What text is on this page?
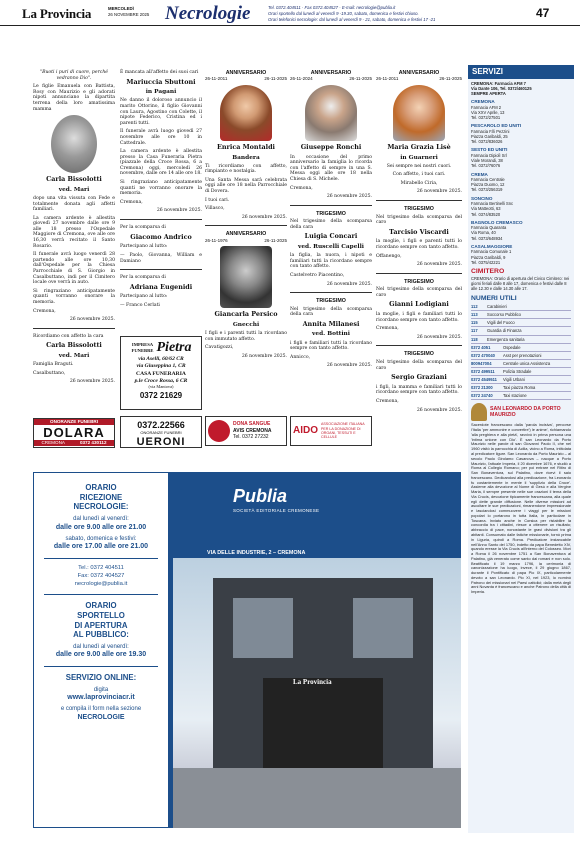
La Provincia	MERCOLEDÌ
26 NOVEMBRE 2025 Necrologie	Tel. 0372.404511 · Fax 0372.404527 · E-mail: necrologie@publia.it
Orari sportello dal lunedì al venerdì 9 -19.30, sabato, domenica e festivi chiuso.
Orari telefonici necrologie: dal lunedì al venerdì 9 - 21, sabato, domenica e festivi 17 -21	47

"Buoti i puri di cuore, perché vedranno Dio".

Le figlie Emanuela con Battista, Rosy con Maurizio e gli adorati nipoti annunciano la dipartita terrena della loro amatissima mamma

Carla Bissolotti
ved. Mari

dopo una vita vissuta con Fede e totalmente donata agli affetti familiari.

La camera ardente è allestita giovedì 27 novembre dalle ore 9 alle 18 presso l'Ospedale Maggiore di Cremona, ove alle ore 16,30 verrà recitato il Santo Rosario.

Il funerale avrà luogo venerdì 28 partendo alle ore 10,30 dall'Ospedale per la Chiesa Parrocchiale di S. Giorgio in Casalbuttano, indi per il Cimitero locale ove verrà in auto.

Si ringraziano anticipatamente quanti vorranno onorare la memoria.

Cremona,

26 novembre 2025.

Ricordiamo con affetto la cara

Carla Bissolotti
ved. Mari

Famiglia Braguti.

Casalbuttano,

26 novembre 2025.

ONORANZE FUNEBRI
DOLARA
CREMONA	0372 430112

È mancata all'affetto dei suoi cari

Mariuccia Sbuttoni
in Pagani

Ne danno il doloroso annuncio il marito Ottorino, il figlio Giovanni con Laura, Agostino con Colette, il nipote Federico, Cristina ed i parenti tutti.

Il funerale avrà luogo giovedì 27 novembre alle ore 10 in Cattedrale.

La camera ardente è allestita presso la Casa Funeraria Pietra (piazzale della Croce Rossa, 6 a Cremona) oggi, mercoledì 26 novembre, dalle ore 14 alle ore 18.

Si ringraziano anticipatamente quanti ne vorranno onorare la memoria.

Cremona,

26 novembre 2025.

Per la scomparsa di

Giacomo Andrico

Partecipano al lutto:

— Paolo, Giovanna, William e Damiano

Per la scomparsa di

Adriana Eugenidi

Partecipano al lutto:

— Franco Cerlati

IMPRESA FUNEBRE Pietra
via Aselli, 60/62 CR
via Giuseppina 1, CR
CASA FUNERARIA
p.le Croce Rossa, 6 CR
(via Mantova)
0372 21629
0372.22566
ONORANZE FUNEBRI
UERONI
ANNIVERSARIO
26-11-2011	26-11-2025
Enrica Montaldi
Bandera

Ti ricordiamo con affetto, rimpianto e nostalgia.

Una Santa Messa sarà celebrata oggi alle ore 18 nella Parrocchiale di Dovera.

I tuoi cari.

Villasco,

26 novembre 2025.

ANNIVERSARIO
26-11-1976	26-11-2025
Giancarla Persico
Gnecchi

I figli e i parenti tutti la ricordano con immutato affetto.

Cavatigozzi,

26 novembre 2025.

DONA SANGUE
AVIS CREMONA
Tel. 0372 27232
ANNIVERSARIO
26-11-2024	26-11-2025
Giuseppe Ronchi

In occasione del primo anniversario la famiglia lo ricorda con l'affetto di sempre in una S. Messa oggi alle ore 18 nella Chiesa di S. Michele.

Cremona,

26 novembre 2025.

TRIGESIMO

Nel trigesimo della scomparsa della cara

Luigia Concari
ved. Ruscelli Capelli

la figlia, la nuora, i nipoti e familiari tutti la ricordano sempre con tanto affetto.

Castelvetro Piacentino,

26 novembre 2025.

TRIGESIMO

Nel trigesimo della scomparsa della cara

Annita Milanesi
ved. Bottini

i figli e familiari tutti la ricordano sempre con tanto affetto.

Annicco,

26 novembre 2025.

AIDO
ASSOCIAZIONE ITALIANA PER LA DONAZIONE DI ORGANI, TESSUTI E CELLULE
ANNIVERSARIO
26-11-2011	26-11-2025
Maria Grazia Lisè
in Guarneri

Sei sempre nei nostri cuori.

Con affetto, i tuoi cari.

Mirabello Ciria,

26 novembre 2025.

TRIGESIMO

Nel trigesimo della scomparsa del caro

Tarcisio Viscardi

la moglie, i figli e parenti tutti lo ricordano sempre con tanto affetto.

Offanengo,

26 novembre 2025.

TRIGESIMO

Nel trigesimo della scomparsa del caro

Gianni Lodigiani

la moglie, i figli e familiari tutti lo ricordano sempre con tanto affetto.

Cremona,

26 novembre 2025.

TRIGESIMO

Nel trigesimo della scomparsa del caro

Sergio Graziani

i figli, la mamma e familiari tutti lo ricordano sempre con tanto affetto.

Cremona,

26 novembre 2025.

SERVIZI
CREMONA: Farmacia AFM 7
Via Dante 106, Tel. 0372/460125
SEMPRE APERTA
CREMONA
Farmacia AFM 2
Via XXV Aprile, 13
Tel. 0372/27501
PESCAROLO ED UNITI
Farmacia F.lli Pezzini
Piazza Garibaldi, 25
Tel. 0372/836026
SESTO ED UNITI
Farmacia Dipiolì Srl
Viale Morandi, 38
Tel. 0372/76076
CREMA
Farmacia Centrale
Piazza Duomo, 12
Tel. 0373/256319
SONCINO
Farmacia Bertinelli Snc
Via Matteotti, 63
Tel. 0374/83520
BAGNOLO CREMASCO
Farmacia Quaranta
Via Roma, 40
Tel. 0373/648934
CASALMAGGIORE
Farmacia Comunale 1
Piazza Garibaldi, 9
Tel. 0375/42221
CIMITERO
CREMONA: Orario di apertura del Civico Cimitero: nei giorni feriali dalle 8 alle 17, domenica e festivi dalle 8 alle 12.30 e dalle 14.30 alle 17.
NUMERI UTILI
112	Carabinieri
113	Soccorso Pubblico
115	Vigili del Fuoco
117	Guardia di Finanza
118	Emergenza sanitaria
0372 4051	Ospedale
0372 470040	Asst per prenotazioni
800947004	Centrale unica Assistenza
0372 499511	Polizia Stradale
0372 4549511	Vigili Urbani
0372 21300	Taxi piazza Roma
0372 24740	Taxi stazione
SAN LEONARDO DA PORTO MAURIZIO
Sacerdote francescano dalla 'parola incisiva', percorse l'Italia 'per ammonire e convertire') le anime', richiamando 'alla preghiera e alla pietà', ravvivò in prima persona una 'intima unione con Dio'. È san Leonardo da Porto Maurizio nelle parole di san Giovanni Paolo II, che nel 1960 visitò la parrocchia di Acilia, vicino a Roma, intitolata al predicatore ligure. San Leonardo da Porto Maurizio – al secolo Paolo Girolamo Casanova – nacque a Porto Maurizio, l'attuale Imperia, il 20 dicembre 1676, e studiò a Roma al Collegio Romano; per poi entrare nel Ritiro di San Bonaventura, sul Palatino, dove ricevì il saio francescano. Dedicandosi alla predicazione, fra Leonardo fu costantemente in mente il 'supplizio della Croce'. Assieme alla devozione al Nome di Gesù e alla Vergine Maria, il sempre presente nelle sue orazioni il tema della Via Crucis, devozione tipicamente francescana, alla quale egli dette grande diffusione. Nelle diverse missioni ad ascoltare le sue predicazioni, rimanendone impressionate e lasciandosi commuovere i viaggi per le missioni popolari lo portarono in tutta Italia, in particolare in Toscana. Inviato anche in Corsica per ristabilire la concordia tra i cittadini, riesce a ottenere un risultato; abbraccio di pace, nonostante le gravi divisioni tra gli abitanti. Consumato dalle fatiche missionarie, tornò prima in Liguria, quindi a Roma. Predicatore instancabile nell'Anno Santo del 1750, indetto da papa Benedetto XIV, quando eresse la Via Crucis all'interno del Colosseo. Morì a Roma il 26 novembre 1751 a San Bonaventura al Palatino, già venerato come santo dai romani e non solo. Beatificato il 19 marzo 1796, la cerimonia di canonizzazione ha luogo, invece, il 29 giugno 1867, durante il Pontificato di papa Pio IX, particolarmente devoto a san Leonardo. Pio XI, nel 1923, lo nominò Patrono dei missionari nei Paesi cattolici; dalla metà degli anni Novanta è francescano e anche Patrono della città di Imperia.
Publia
SOCIETÀ EDITORIALE CREMONESE
VIA DELLE INDUSTRIE, 2 – CREMONA
La Provincia
ORARIO
RICEZIONE
NECROLOGIE:
dal lunedì al venerdì:
dalle ore 9.00 alle ore 21.00
sabato, domenica e festivi:
dalle ore 17.00 alle ore 21.00
Tel.: 0372 404511
Fax: 0372 404527
necrologie@publia.it
ORARIO
SPORTELLO
DI APERTURA
AL PUBBLICO:
dal lunedì al venerdì:
dalle ore 9.00 alle ore 19.30
SERVIZIO ONLINE:
digita
www.laprovinciacr.it
e compila il form nella sezione
NECROLOGIE
